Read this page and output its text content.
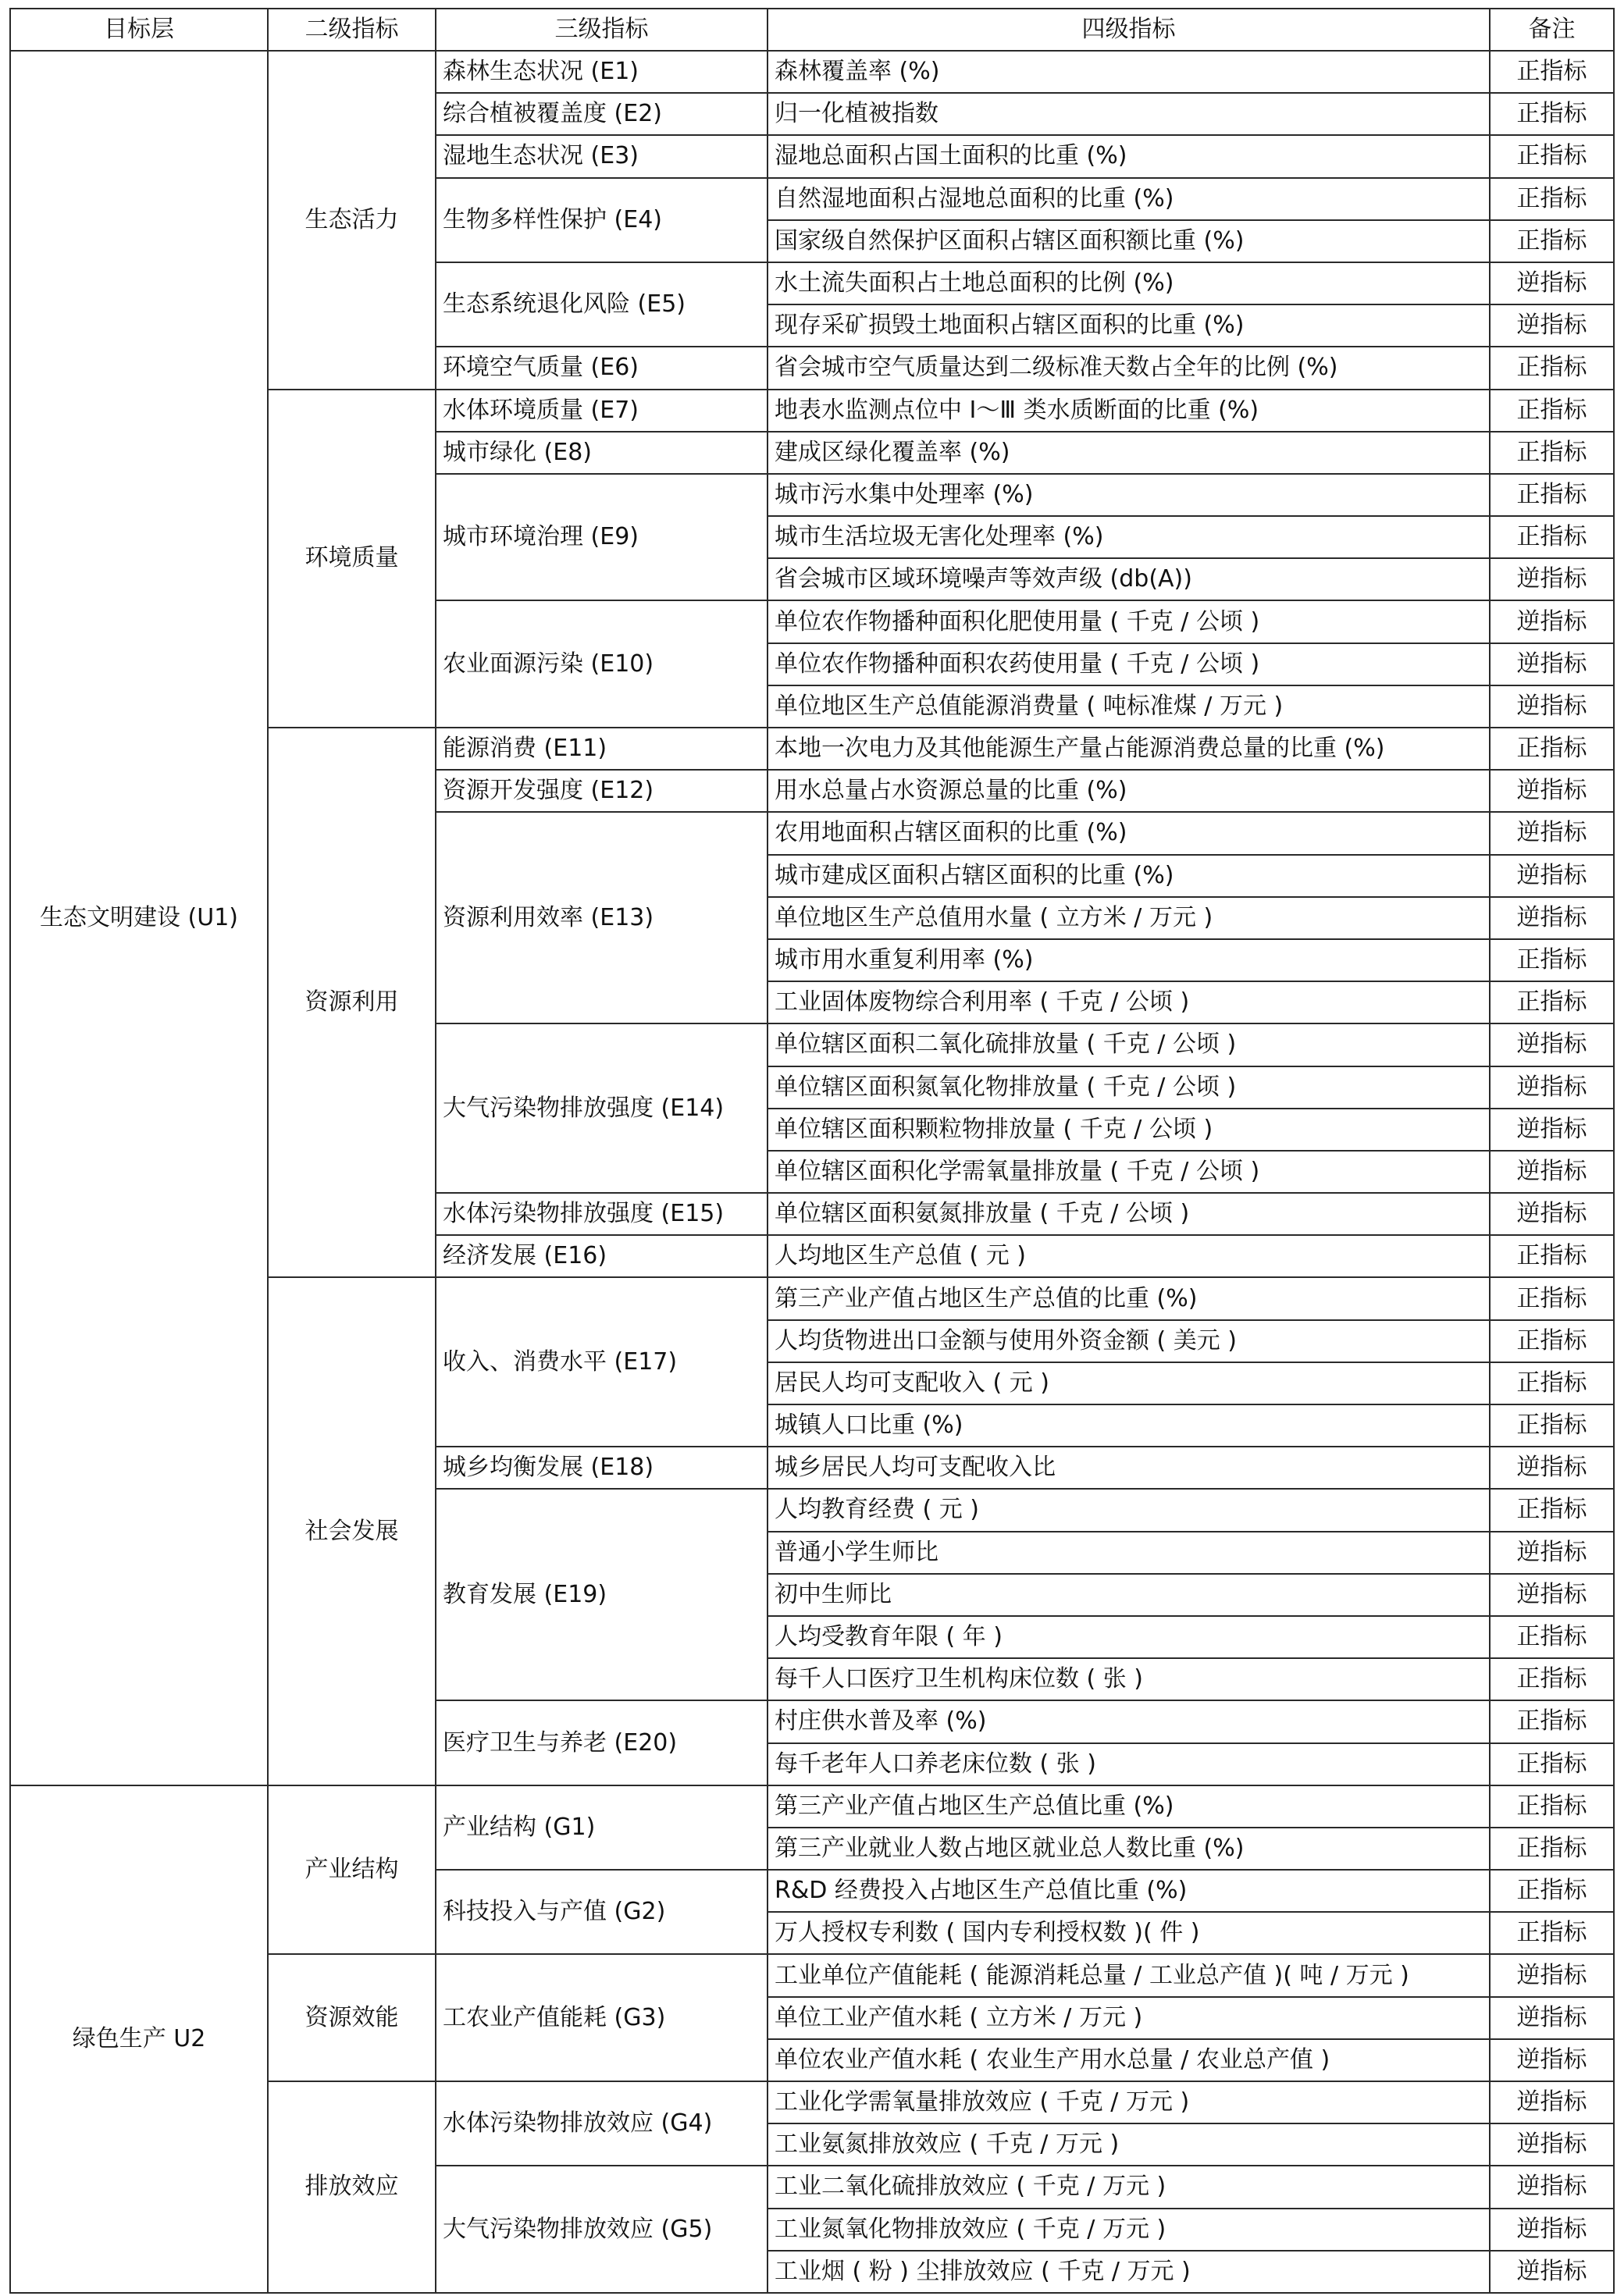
目标层	二级指标	三级指标	四级指标	备注
生态文明建设 (U1)	生态活力	森林生态状况 (E1)	森林覆盖率 (%)	正指标
		综合植被覆盖度 (E2)	归一化植被指数	正指标
		湿地生态状况 (E3)	湿地总面积占国土面积的比重 (%)	正指标
		生物多样性保护 (E4)	自然湿地面积占湿地总面积的比重 (%)	正指标
			国家级自然保护区面积占辖区面积额比重 (%)	正指标
		生态系统退化风险 (E5)	水土流失面积占土地总面积的比例 (%)	逆指标
			现存采矿损毁土地面积占辖区面积的比重 (%)	逆指标
		环境空气质量 (E6)	省会城市空气质量达到二级标准天数占全年的比例 (%)	正指标
	环境质量	水体环境质量 (E7)	地表水监测点位中 Ⅰ～Ⅲ 类水质断面的比重 (%)	正指标
		城市绿化 (E8)	建成区绿化覆盖率 (%)	正指标
		城市环境治理 (E9)	城市污水集中处理率 (%)	正指标
			城市生活垃圾无害化处理率 (%)	正指标
			省会城市区域环境噪声等效声级 (db(A))	逆指标
		农业面源污染 (E10)	单位农作物播种面积化肥使用量 ( 千克 / 公顷 )	逆指标
			单位农作物播种面积农药使用量 ( 千克 / 公顷 )	逆指标
			单位地区生产总值能源消费量 ( 吨标准煤 / 万元 )	逆指标
	资源利用	能源消费 (E11)	本地一次电力及其他能源生产量占能源消费总量的比重 (%)	正指标
		资源开发强度 (E12)	用水总量占水资源总量的比重 (%)	逆指标
		资源利用效率 (E13)	农用地面积占辖区面积的比重 (%)	逆指标
			城市建成区面积占辖区面积的比重 (%)	逆指标
			单位地区生产总值用水量 ( 立方米 / 万元 )	逆指标
			城市用水重复利用率 (%)	正指标
			工业固体废物综合利用率 ( 千克 / 公顷 )	正指标
		大气污染物排放强度 (E14)	单位辖区面积二氧化硫排放量 ( 千克 / 公顷 )	逆指标
			单位辖区面积氮氧化物排放量 ( 千克 / 公顷 )	逆指标
			单位辖区面积颗粒物排放量 ( 千克 / 公顷 )	逆指标
			单位辖区面积化学需氧量排放量 ( 千克 / 公顷 )	逆指标
		水体污染物排放强度 (E15)	单位辖区面积氨氮排放量 ( 千克 / 公顷 )	逆指标
		经济发展 (E16)	人均地区生产总值 ( 元 )	正指标
	社会发展	收入、消费水平 (E17)	第三产业产值占地区生产总值的比重 (%)	正指标
			人均货物进出口金额与使用外资金额 ( 美元 )	正指标
			居民人均可支配收入 ( 元 )	正指标
			城镇人口比重 (%)	正指标
		城乡均衡发展 (E18)	城乡居民人均可支配收入比	逆指标
		教育发展 (E19)	人均教育经费 ( 元 )	正指标
			普通小学生师比	逆指标
			初中生师比	逆指标
			人均受教育年限 ( 年 )	正指标
			每千人口医疗卫生机构床位数 ( 张 )	正指标
		医疗卫生与养老 (E20)	村庄供水普及率 (%)	正指标
			每千老年人口养老床位数 ( 张 )	正指标
绿色生产 U2	产业结构	产业结构 (G1)	第三产业产值占地区生产总值比重 (%)	正指标
			第三产业就业人数占地区就业总人数比重 (%)	正指标
		科技投入与产值 (G2)	R&D 经费投入占地区生产总值比重 (%)	正指标
			万人授权专利数 ( 国内专利授权数 )( 件 )	正指标
	资源效能	工农业产值能耗 (G3)	工业单位产值能耗 ( 能源消耗总量 / 工业总产值 )( 吨 / 万元 )	逆指标
			单位工业产值水耗 ( 立方米 / 万元 )	逆指标
			单位农业产值水耗 ( 农业生产用水总量 / 农业总产值 )	逆指标
	排放效应	水体污染物排放效应 (G4)	工业化学需氧量排放效应 ( 千克 / 万元 )	逆指标
			工业氨氮排放效应 ( 千克 / 万元 )	逆指标
		大气污染物排放效应 (G5)	工业二氧化硫排放效应 ( 千克 / 万元 )	逆指标
			工业氮氧化物排放效应 ( 千克 / 万元 )	逆指标
			工业烟 ( 粉 ) 尘排放效应 ( 千克 / 万元 )	逆指标
